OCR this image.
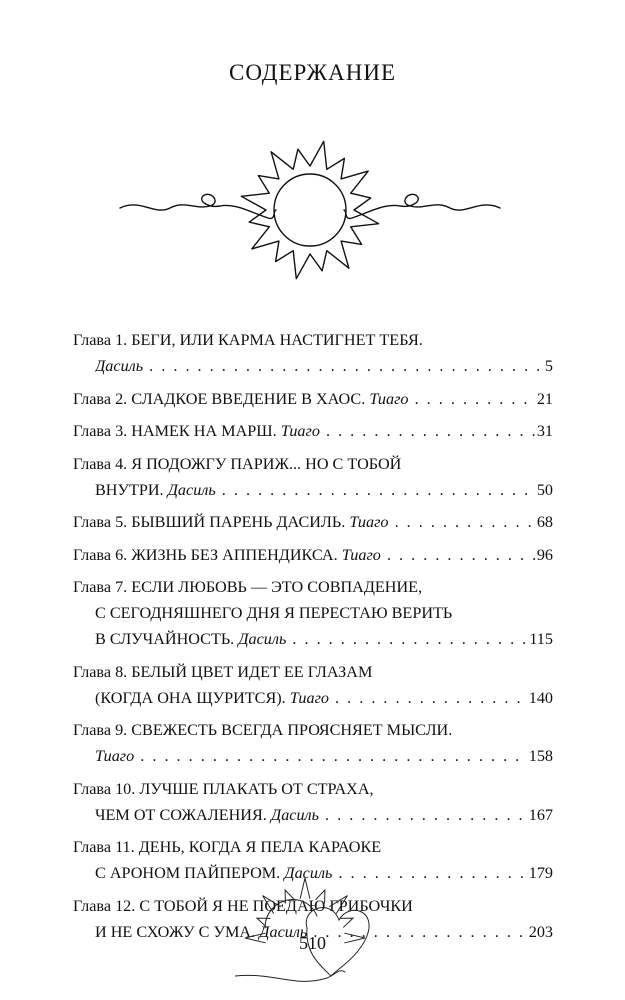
СОДЕРЖАНИЕ
Глава 1. БЕГИ, ИЛИ КАРМА НАСТИГНЕТ ТЕБЯ.
Дасиль . . .	5
Глава 2. СЛАДКОЕ ВВЕДЕНИЕ В ХАОС. Тиаго . . .	21
Глава 3. НАМЕК НА МАРШ. Тиаго . . .	31
Глава 4. Я ПОДОЖГУ ПАРИЖ... НО С ТОБОЙ
ВНУТРИ. Дасиль . . .	50
Глава 5. БЫВШИЙ ПАРЕНЬ ДАСИЛЬ. Тиаго . . .	68
Глава 6. ЖИЗНЬ БЕЗ АППЕНДИКСА. Тиаго . . .	96
Глава 7. ЕСЛИ ЛЮБОВЬ — ЭТО СОВПАДЕНИЕ,
С СЕГОДНЯШНЕГО ДНЯ Я ПЕРЕСТАЮ ВЕРИТЬ
В СЛУЧАЙНОСТЬ. Дасиль . . .	115
Глава 8. БЕЛЫЙ ЦВЕТ ИДЕТ ЕЕ ГЛАЗАМ
(КОГДА ОНА ЩУРИТСЯ). Тиаго . . .	140
Глава 9. СВЕЖЕСТЬ ВСЕГДА ПРОЯСНЯЕТ МЫСЛИ.
Тиаго . . .	158
Глава 10. ЛУЧШЕ ПЛАКАТЬ ОТ СТРАХА,
ЧЕМ ОТ СОЖАЛЕНИЯ. Дасиль . . .	167
Глава 11. ДЕНЬ, КОГДА Я ПЕЛА КАРАОКЕ
С АРОНОМ ПАЙПЕРОМ. Дасиль . . .	179
Глава 12. С ТОБОЙ Я НЕ ПОЕДАЮ ГРИБОЧКИ
И НЕ СХОЖУ С УМА. Дасиль . . .	203
510
